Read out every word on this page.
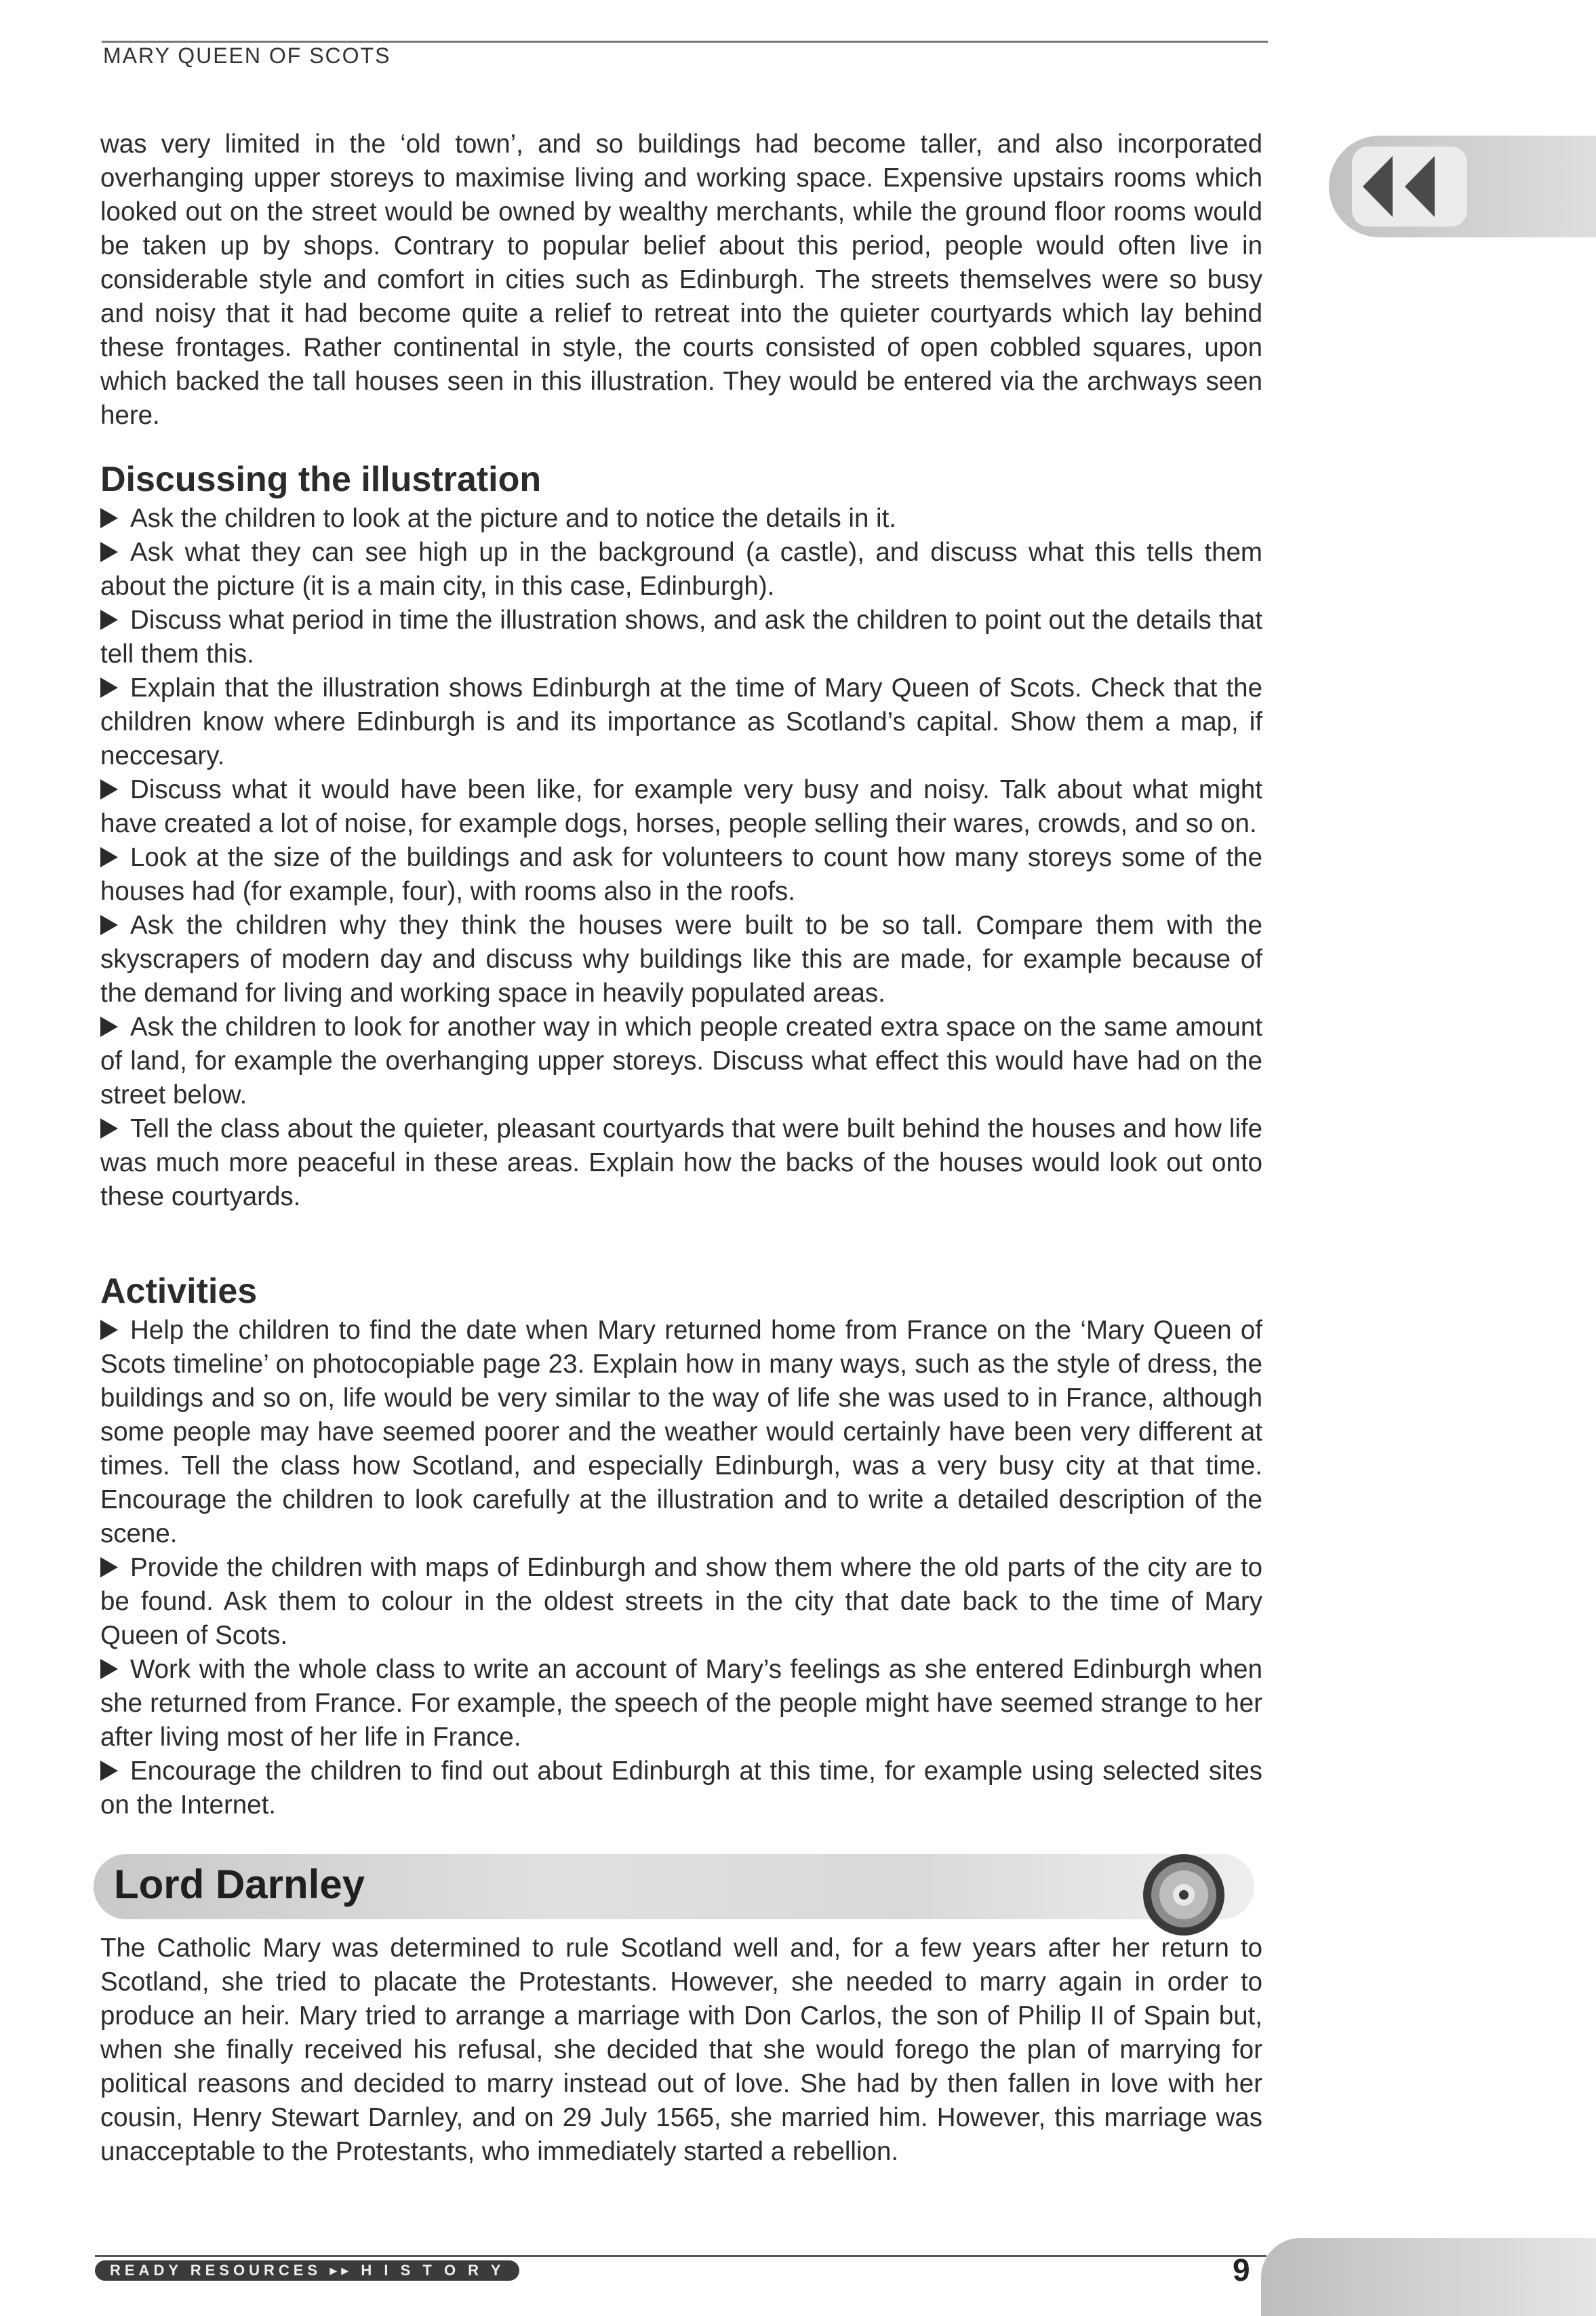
MARY QUEEN OF SCOTS

was very limited in the ‘old town’, and so buildings had become taller, and also incorporated overhanging upper storeys to maximise living and working space. Expensive upstairs rooms which looked out on the street would be owned by wealthy merchants, while the ground floor rooms would be taken up by shops. Contrary to popular belief about this period, people would often live in considerable style and comfort in cities such as Edinburgh. The streets themselves were so busy and noisy that it had become quite a relief to retreat into the quieter courtyards which lay behind these frontages. Rather continental in style, the courts consisted of open cobbled squares, upon which backed the tall houses seen in this illustration. They would be entered via the archways seen here.

Discussing the illustration
Ask the children to look at the picture and to notice the details in it.
Ask what they can see high up in the background (a castle), and discuss what this tells them about the picture (it is a main city, in this case, Edinburgh).
Discuss what period in time the illustration shows, and ask the children to point out the details that tell them this.
Explain that the illustration shows Edinburgh at the time of Mary Queen of Scots. Check that the children know where Edinburgh is and its importance as Scotland’s capital. Show them a map, if neccesary.
Discuss what it would have been like, for example very busy and noisy. Talk about what might have created a lot of noise, for example dogs, horses, people selling their wares, crowds, and so on.
Look at the size of the buildings and ask for volunteers to count how many storeys some of the houses had (for example, four), with rooms also in the roofs.
Ask the children why they think the houses were built to be so tall. Compare them with the skyscrapers of modern day and discuss why buildings like this are made, for example because of the demand for living and working space in heavily populated areas.
Ask the children to look for another way in which people created extra space on the same amount of land, for example the overhanging upper storeys. Discuss what effect this would have had on the street below.
Tell the class about the quieter, pleasant courtyards that were built behind the houses and how life was much more peaceful in these areas. Explain how the backs of the houses would look out onto these courtyards.
Activities
Help the children to find the date when Mary returned home from France on the ‘Mary Queen of Scots timeline’ on photocopiable page 23. Explain how in many ways, such as the style of dress, the buildings and so on, life would be very similar to the way of life she was used to in France, although some people may have seemed poorer and the weather would certainly have been very different at times. Tell the class how Scotland, and especially Edinburgh, was a very busy city at that time. Encourage the children to look carefully at the illustration and to write a detailed description of the scene.
Provide the children with maps of Edinburgh and show them where the old parts of the city are to be found. Ask them to colour in the oldest streets in the city that date back to the time of Mary Queen of Scots.
Work with the whole class to write an account of Mary’s feelings as she entered Edinburgh when she returned from France. For example, the speech of the people might have seemed strange to her after living most of her life in France.
Encourage the children to find out about Edinburgh at this time, for example using selected sites on the Internet.
Lord Darnley

The Catholic Mary was determined to rule Scotland well and, for a few years after her return to Scotland, she tried to placate the Protestants. However, she needed to marry again in order to produce an heir. Mary tried to arrange a marriage with Don Carlos, the son of Philip II of Spain but, when she finally received his refusal, she decided that she would forego the plan of marrying for political reasons and decided to marry instead out of love. She had by then fallen in love with her cousin, Henry Stewart Darnley, and on 29 July 1565, she married him. However, this marriage was unacceptable to the Protestants, who immediately started a rebellion.

READY RESOURCES ▸▸ H I S T O R Y	9
